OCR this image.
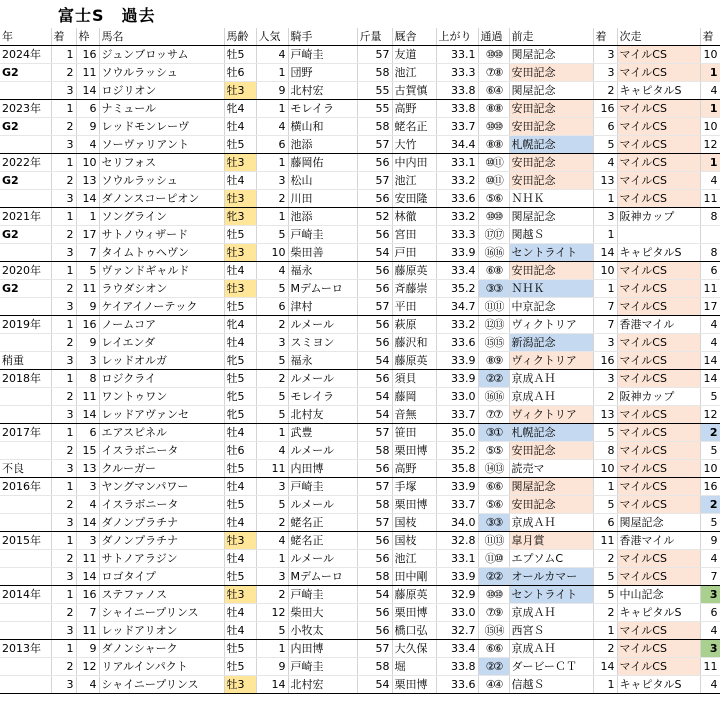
富士S　過去
年	着	枠	馬名	馬齢	人気	騎手	斤量	厩舎	上がり	通過	前走	着	次走	着
2024年	1	16	ジュンブロッサム	牡5	4	戸崎圭	57	友道	33.1	⑩⑩	関屋記念	3	マイルCS	10
G2	2	11	ソウルラッシュ	牡6	1	団野	58	池江	33.3	⑦⑧	安田記念	3	マイルCS	1
	3	14	ロジリオン	牡3	9	北村宏	55	古賀慎	33.8	⑥④	関屋記念	2	キャピタルS	4
2023年	1	6	ナミュール	牝4	1	モレイラ	55	高野	33.8	⑧⑧	安田記念	16	マイルCS	1
G2	2	9	レッドモンレーヴ	牡4	4	横山和	58	蛯名正	33.7	⑩⑩	安田記念	6	マイルCS	10
	3	4	ソーヴァリアント	牡5	6	池添	57	大竹	34.4	⑧⑧	札幌記念	5	マイルCS	12
2022年	1	10	セリフォス	牡3	1	藤岡佑	56	中内田	33.1	⑩⑪	安田記念	4	マイルCS	1
G2	2	13	ソウルラッシュ	牡4	3	松山	57	池江	33.2	⑩⑪	安田記念	13	マイルCS	4
	3	14	ダノンスコーピオン	牡3	2	川田	56	安田隆	33.6	⑤⑥	ＮＨＫ	1	マイルCS	11
2021年	1	1	ソングライン	牝3	1	池添	52	林徹	33.2	⑩⑩	関屋記念	3	阪神カップ	8
G2	2	17	サトノウィザード	牡5	5	戸崎圭	56	宮田	33.3	⑰⑰	関越Ｓ	1		
	3	7	タイムトゥヘヴン	牡3	10	柴田善	54	戸田	33.9	⑯⑯	セントライト	14	キャピタルS	8
2020年	1	5	ヴァンドギャルド	牡4	4	福永	56	藤原英	33.4	⑥⑧	安田記念	10	マイルCS	6
G2	2	11	ラウダシオン	牡3	5	Mデムーロ	56	斉藤崇	35.2	③③	ＮＨＫ	1	マイルCS	11
	3	9	ケイアイノーテック	牡5	6	津村	57	平田	34.7	⑪⑪	中京記念	7	マイルCS	17
2019年	1	16	ノームコア	牝4	2	ルメール	56	萩原	33.2	⑫⑬	ヴィクトリア	7	香港マイル	4
	2	9	レイエンダ	牡4	3	スミヨン	56	藤沢和	33.6	⑮⑮	新潟記念	3	マイルCS	4
稍重	3	3	レッドオルガ	牝5	5	福永	54	藤原英	33.9	⑧⑨	ヴィクトリア	16	マイルCS	14
2018年	1	8	ロジクライ	牡5	2	ルメール	56	須貝	33.9	②②	京成ＡＨ	3	マイルCS	14
	2	11	ワントゥワン	牝5	5	モレイラ	54	藤岡	33.0	⑯⑯	京成ＡＨ	2	阪神カップ	5
	3	14	レッドアヴァンセ	牝5	5	北村友	54	音無	33.7	⑦⑦	ヴィクトリア	13	マイルCS	12
2017年	1	6	エアスピネル	牡4	1	武豊	57	笹田	35.0	③①	札幌記念	5	マイルCS	2
	2	15	イスラボニータ	牡6	4	ルメール	58	栗田博	35.2	⑤⑤	安田記念	8	マイルCS	5
不良	3	13	クルーガー	牡5	11	内田博	56	高野	35.8	⑭⑬	読売マ	10	マイルCS	10
2016年	1	3	ヤングマンパワー	牡4	3	戸崎圭	57	手塚	33.9	⑥⑥	関屋記念	1	マイルCS	16
	2	4	イスラボニータ	牡5	5	ルメール	58	栗田博	33.7	⑤⑥	安田記念	5	マイルCS	2
	3	14	ダノンプラチナ	牡4	2	蛯名正	57	国枝	34.0	③③	京成ＡＨ	6	関屋記念	5
2015年	1	3	ダノンプラチナ	牡3	4	蛯名正	56	国枝	32.8	⑪⑬	皐月賞	11	香港マイル	9
	2	11	サトノアラジン	牡4	1	ルメール	56	池江	33.1	⑪⑩	エプソムC	2	マイルCS	4
	3	14	ロゴタイプ	牡5	3	Mデムーロ	58	田中剛	33.9	②②	オールカマー	5	マイルCS	7
2014年	1	16	ステファノス	牡3	2	戸崎圭	54	藤原英	32.9	⑩⑩	セントライト	5	中山記念	3
	2	7	シャイニープリンス	牡4	12	柴田大	56	栗田博	33.0	⑦⑨	京成ＡＨ	2	キャピタルS	6
	3	11	レッドアリオン	牡4	5	小牧太	56	橋口弘	32.7	⑮⑭	西宮Ｓ	1	マイルCS	4
2013年	1	9	ダノンシャーク	牡5	1	内田博	57	大久保	33.4	⑥⑥	京成ＡＨ	2	マイルCS	3
	2	12	リアルインパクト	牡5	9	戸崎圭	58	堀	33.8	②②	ダービーＣＴ	14	マイルCS	11
	3	4	シャイニープリンス	牡3	14	北村宏	54	栗田博	33.6	④④	信越Ｓ	1	キャピタルS	4
